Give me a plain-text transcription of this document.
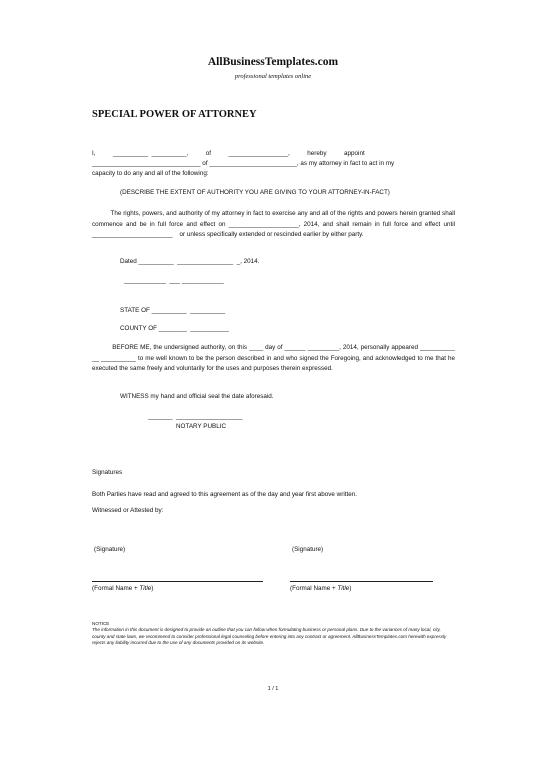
AllBusinessTemplates.com
professional templates online
SPECIAL POWER OF ATTORNEY
I,          __________  __________,          of          _________________,          hereby          appoint
_______________________________ of _________________________, as my attorney in fact to act in my
capacity to do any and all of the following:
(DESCRIBE THE EXTENT OF AUTHORITY YOU ARE GIVING TO YOUR ATTORNEY-IN-FACT)
The rights, powers, and authority of my attorney in fact to exercise any and all of the rights and powers herein granted shall commence and be in full force and effect on ____________________, 2014, and shall remain in full force and effect until _______________________    or unless specifically extended or rescinded earlier by either party.
Dated __________  ________________  _, 2014.
____________  ___ ____________
STATE OF __________  __________
COUNTY OF ________  ___________
BEFORE ME, the undersigned authority, on this ____ day of ______ _________, 2014, personally appeared __________ __ __________ to me well known to be the person described in and who signed the Foregoing, and acknowledged to me that he executed the same freely and voluntarily for the uses and purposes therein expressed.
WITNESS my hand and official seal the date aforesaid.
_______  ___________________
NOTARY PUBLIC
Signatures
Both Parties have read and agreed to this agreement as of the day and year first above written.
Witnessed or Attested by:
(Signature)	(Signature)
(Formal Name + Title)	(Formal Name + Title)
NOTICE
The information in this document is designed to provide an outline that you can follow when formulating business or personal plans. Due to the variances of many local, city, county and state laws, we recommend to consider professional legal counseling before entering into any contract or agreement. AllBusinessTemplates.com herewith expressly rejects any liability incurred due to the use of any documents provided on its website.
1 / 1
